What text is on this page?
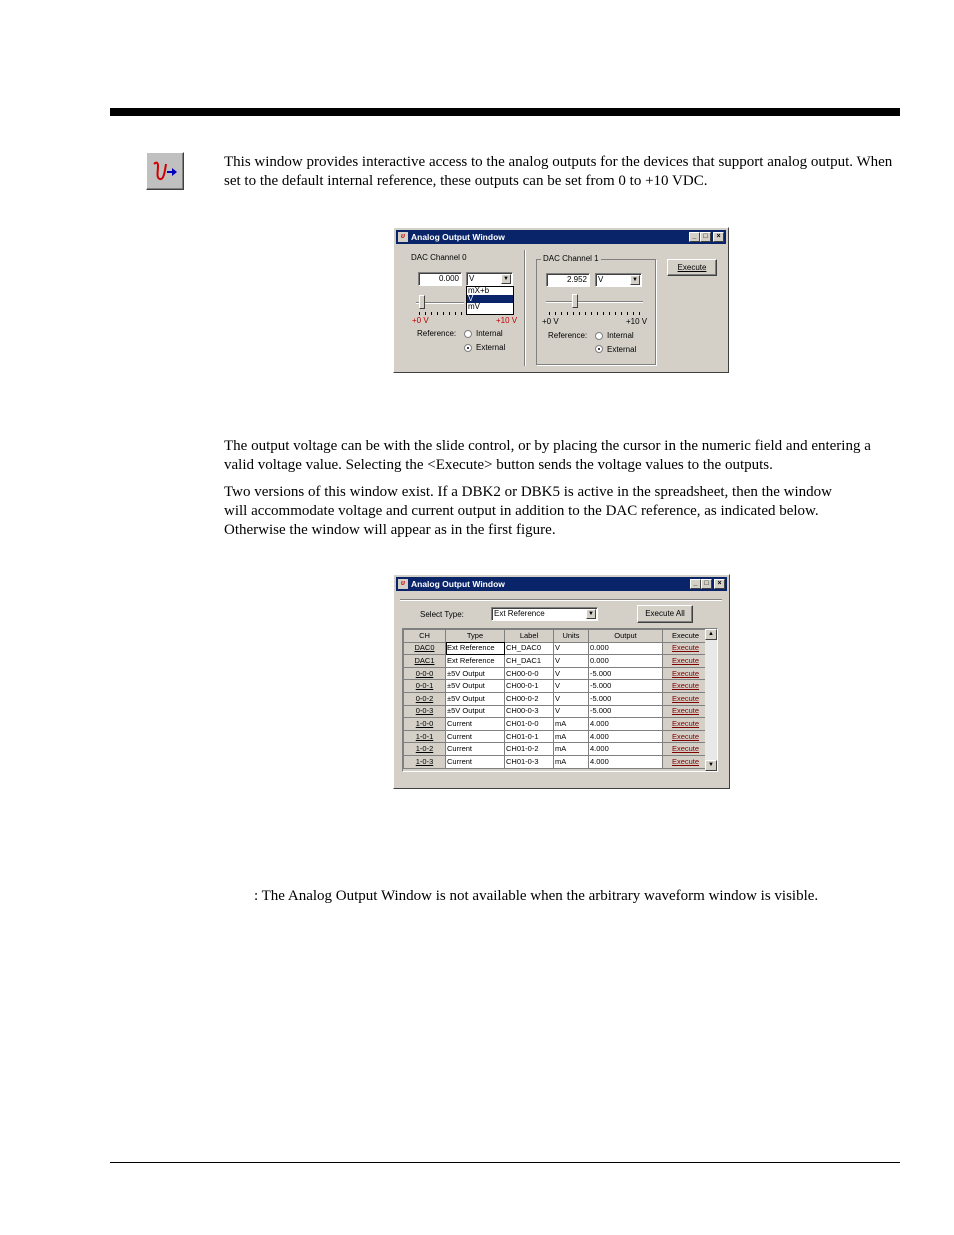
This window provides interactive access to the analog outputs for the devices that support analog output. When set to the default internal reference, these outputs can be set from 0 to +10 VDC.

υ Analog Output Window	_ □	×
DAC Channel 0
0.000	V	▼
mX+b
V
mV
+0 V	+10 V
Reference: Internal
External
DAC Channel 1
2.952	V	▼
+0 V	+10 V
Reference: Internal
External
Execute

The output voltage can be with the slide control, or by placing the cursor in the numeric field and entering a valid voltage value. Selecting the <Execute> button sends the voltage values to the outputs.

Two versions of this window exist. If a DBK2 or DBK5 is active in the spreadsheet, then the window will accommodate voltage and current output in addition to the DAC reference, as indicated below. Otherwise the window will appear as in the first figure.

υ Analog Output Window	_ □	×
Select Type:	Ext Reference	▼	Execute All
CH	Type	Label	Units	Output	Execute
DAC0	Ext Reference	CH_DAC0	V	0.000	Execute
DAC1	Ext Reference	CH_DAC1	V	0.000	Execute
0-0-0	±5V Output	CH00-0-0	V	-5.000	Execute
0-0-1	±5V Output	CH00-0-1	V	-5.000	Execute
0-0-2	±5V Output	CH00-0-2	V	-5.000	Execute
0-0-3	±5V Output	CH00-0-3	V	-5.000	Execute
1-0-0	Current	CH01-0-0	mA	4.000	Execute
1-0-1	Current	CH01-0-1	mA	4.000	Execute
1-0-2	Current	CH01-0-2	mA	4.000	Execute
1-0-3	Current	CH01-0-3	mA	4.000	Execute
▲
▼

: The Analog Output Window is not available when the arbitrary waveform window is visible.
